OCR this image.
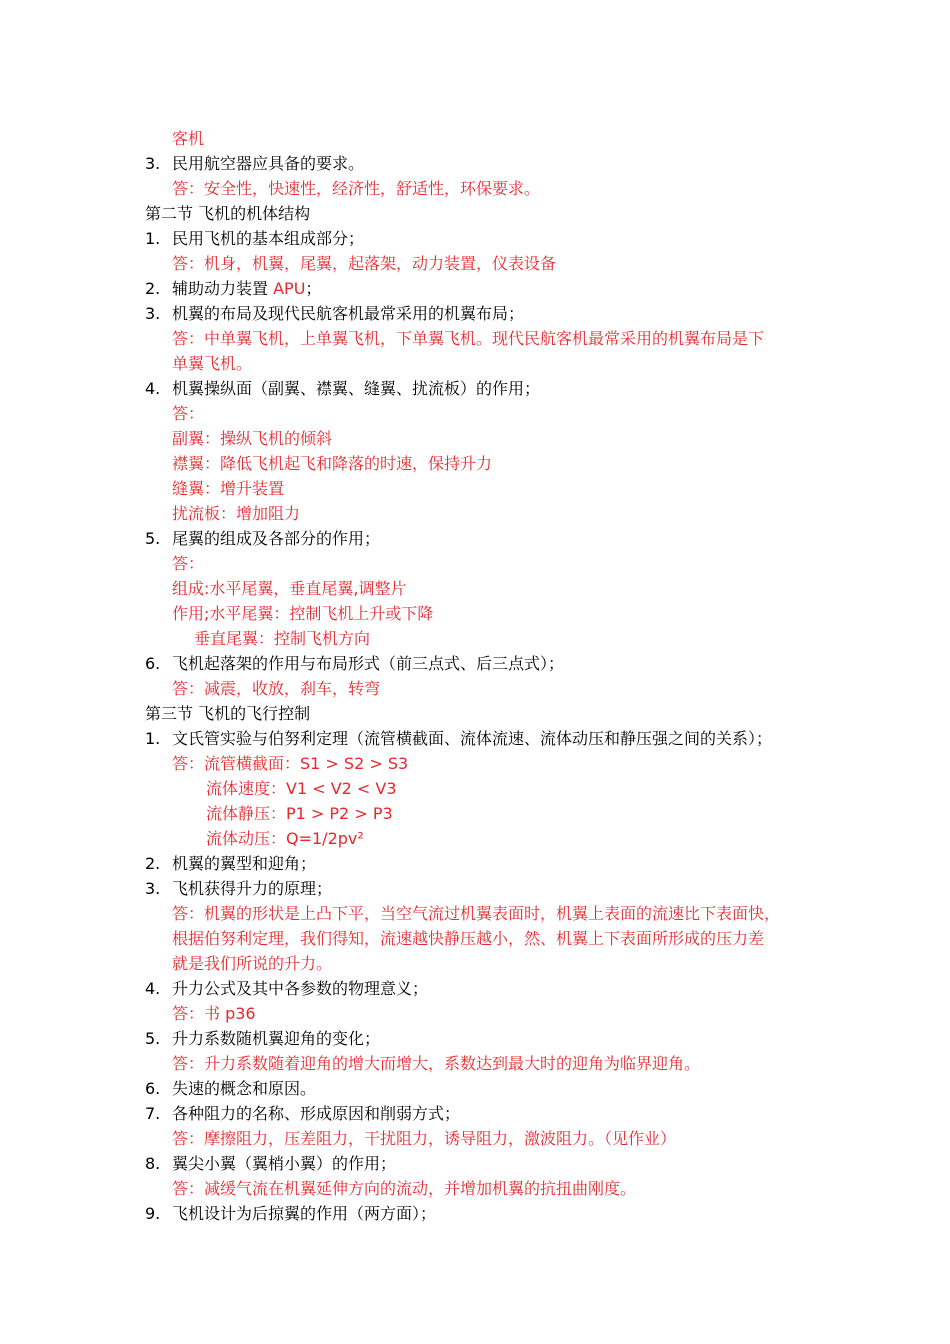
客机
3. 民用航空器应具备的要求。
答：安全性，快速性，经济性，舒适性，环保要求。
第二节 飞机的机体结构
1. 民用飞机的基本组成部分；
答：机身，机翼，尾翼，起落架，动力装置，仪表设备
2. 辅助动力装置 APU；
3. 机翼的布局及现代民航客机最常采用的机翼布局；
答：中单翼飞机，上单翼飞机，下单翼飞机。现代民航客机最常采用的机翼布局是下
单翼飞机。
4. 机翼操纵面（副翼、襟翼、缝翼、扰流板）的作用；
答：
副翼：操纵飞机的倾斜
襟翼：降低飞机起飞和降落的时速，保持升力
缝翼：增升装置
扰流板：增加阻力
5. 尾翼的组成及各部分的作用；
答：
组成:水平尾翼，垂直尾翼,调整片
作用;水平尾翼：控制飞机上升或下降
垂直尾翼：控制飞机方向
6. 飞机起落架的作用与布局形式（前三点式、后三点式）；
答：减震，收放，刹车，转弯
第三节 飞机的飞行控制
1. 文氏管实验与伯努利定理（流管横截面、流体流速、流体动压和静压强之间的关系）；
答：流管横截面：S1 > S2 > S3
流体速度：V1 < V2 < V3
流体静压：P1 > P2 > P3
流体动压：Q=1/2pv²
2. 机翼的翼型和迎角；
3. 飞机获得升力的原理；
答：机翼的形状是上凸下平，当空气流过机翼表面时，机翼上表面的流速比下表面快，
根据伯努利定理，我们得知，流速越快静压越小，然、机翼上下表面所形成的压力差
就是我们所说的升力。
4. 升力公式及其中各参数的物理意义；
答：书 p36
5. 升力系数随机翼迎角的变化；
答：升力系数随着迎角的增大而增大，系数达到最大时的迎角为临界迎角。
6. 失速的概念和原因。
7. 各种阻力的名称、形成原因和削弱方式；
答：摩擦阻力，压差阻力，干扰阻力，诱导阻力，激波阻力。（见作业）
8. 翼尖小翼（翼梢小翼）的作用；
答：减缓气流在机翼延伸方向的流动，并增加机翼的抗扭曲刚度。
9. 飞机设计为后掠翼的作用（两方面）；
